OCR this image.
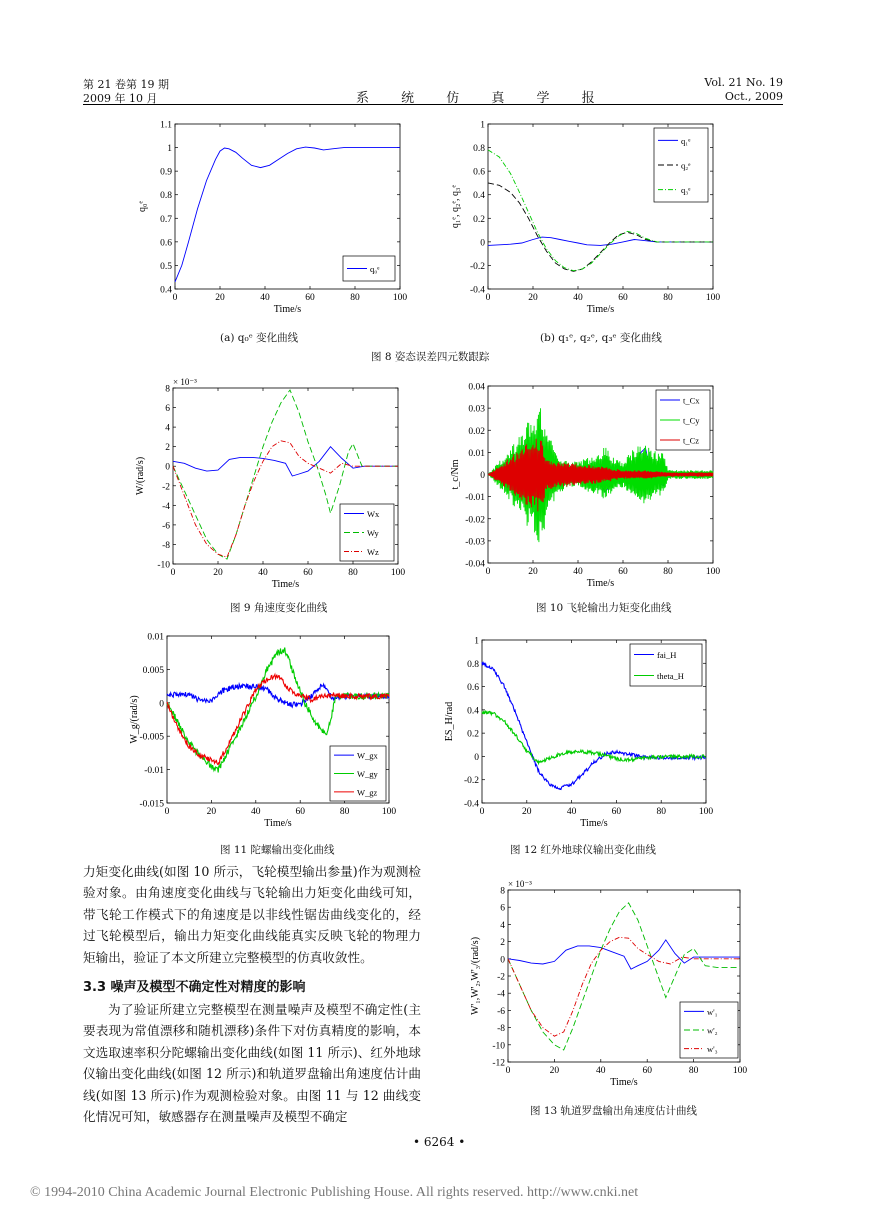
第 21 卷第 19 期
2009 年 10 月	系 统 仿 真 学 报
Vol. 21 No. 19
Oct., 2009
0	20	40	60	80	100
0.4
0.5
0.6
0.7
0.8
0.9
1
1.1
Time/s
q₀ᵉ
q₀ᵉ
0	20	40	60	80	100
-0.4
-0.2
0
0.2
0.4
0.6
0.8
1
Time/s
q₁ᵉ, q₂ᵉ, q₃ᵉ
q₁ᵉ
q₂ᵉ
q₃ᵉ
(a) q₀ᵉ 变化曲线	(b) q₁ᵉ, q₂ᵉ, q₃ᵉ 变化曲线
图 8 姿态误差四元数跟踪
0	20	40	60	80	100
-10
-8
-6
-4
-2
0
2
4
6
8
× 10⁻³
Time/s
W/(rad/s)
Wx
Wy
Wz
0	20	40	60	80	100
-0.04
-0.03
-0.02
-0.01
0
0.01
0.02
0.03
0.04
Time/s
t_c/Nm
t_Cx
t_Cy
t_Cz
图 9 角速度变化曲线	图 10 飞轮输出力矩变化曲线
0	20	40	60	80	100
-0.015
-0.01
-0.005
0
0.005
0.01
Time/s
W_g/(rad/s)
W_gx
W_gy
W_gz
0	20	40	60	80	100
-0.4
-0.2
0
0.2
0.4
0.6
0.8
1
Time/s
ES_H/rad
fai_H
theta_H
图 11 陀螺输出变化曲线	图 12 红外地球仪输出变化曲线
力矩变化曲线(如图 10 所示，飞轮模型输出参量)作为观测检验对象。由角速度变化曲线与飞轮输出力矩变化曲线可知，带飞轮工作模式下的角速度是以非线性锯齿曲线变化的，经过飞轮模型后，输出力矩变化曲线能真实反映飞轮的物理力矩输出，验证了本文所建立完整模型的仿真收敛性。
3.3 噪声及模型不确定性对精度的影响
为了验证所建立完整模型在测量噪声及模型不确定性(主要表现为常值漂移和随机漂移)条件下对仿真精度的影响，本文选取速率积分陀螺输出变化曲线(如图 11 所示)、红外地球仪输出变化曲线(如图 12 所示)和轨道罗盘输出角速度估计曲线(如图 13 所示)作为观测检验对象。由图 11 与 12 曲线变化情况可知，敏感器存在测量噪声及模型不确定
0	20	40	60	80	100
-12
-10
-8
-6
-4
-2
0
2
4
6
8
× 10⁻³
Time/s
W'₁,W'₂,W'₃/(rad/s)	w'₁
w'₂
w'₃
图 13 轨道罗盘输出角速度估计曲线
• 6264 •
© 1994-2010 China Academic Journal Electronic Publishing House. All rights reserved. http://www.cnki.net
